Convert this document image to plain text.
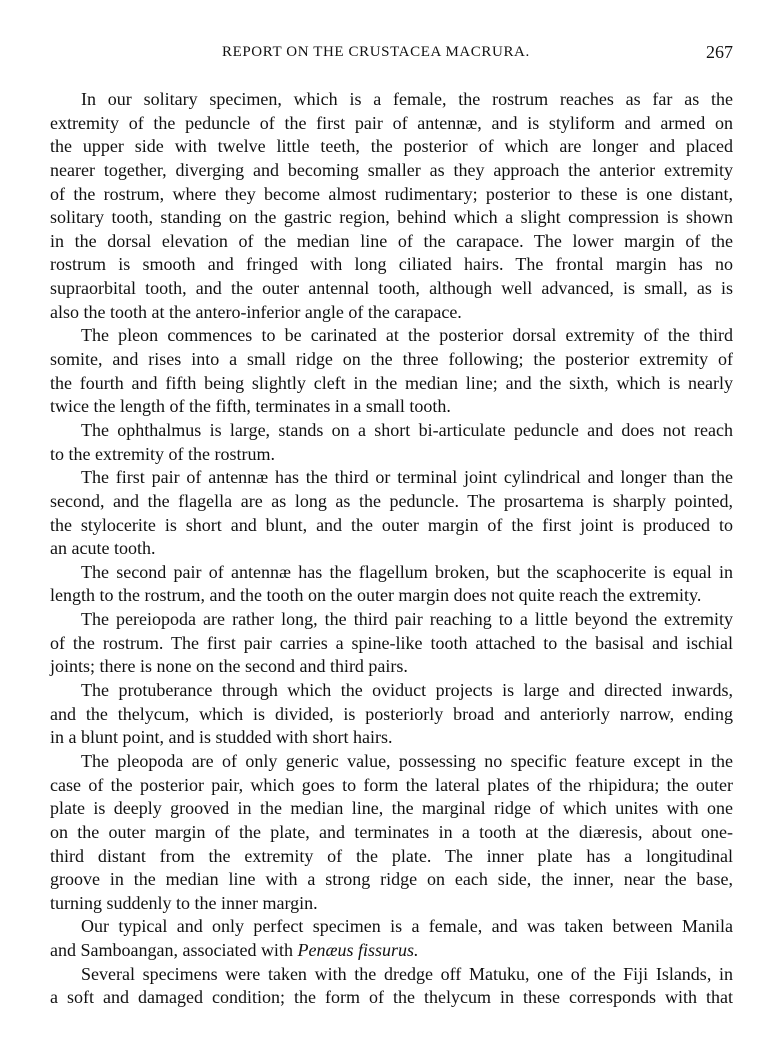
REPORT ON THE CRUSTACEA MACRURA.	267
In our solitary specimen, which is a female, the rostrum reaches as far as the
extremity of the peduncle of the first pair of antennæ, and is styliform and armed on
the upper side with twelve little teeth, the posterior of which are longer and placed
nearer together, diverging and becoming smaller as they approach the anterior extremity
of the rostrum, where they become almost rudimentary; posterior to these is one distant,
solitary tooth, standing on the gastric region, behind which a slight compression is shown
in the dorsal elevation of the median line of the carapace. The lower margin of the
rostrum is smooth and fringed with long ciliated hairs. The frontal margin has no
supraorbital tooth, and the outer antennal tooth, although well advanced, is small, as is
also the tooth at the antero-inferior angle of the carapace.
The pleon commences to be carinated at the posterior dorsal extremity of the third
somite, and rises into a small ridge on the three following; the posterior extremity of
the fourth and fifth being slightly cleft in the median line; and the sixth, which is nearly
twice the length of the fifth, terminates in a small tooth.
The ophthalmus is large, stands on a short bi-articulate peduncle and does not reach
to the extremity of the rostrum.
The first pair of antennæ has the third or terminal joint cylindrical and longer than the
second, and the flagella are as long as the peduncle. The prosartema is sharply pointed,
the stylocerite is short and blunt, and the outer margin of the first joint is produced to
an acute tooth.
The second pair of antennæ has the flagellum broken, but the scaphocerite is equal in
length to the rostrum, and the tooth on the outer margin does not quite reach the extremity.
The pereiopoda are rather long, the third pair reaching to a little beyond the extremity
of the rostrum. The first pair carries a spine-like tooth attached to the basisal and ischial
joints; there is none on the second and third pairs.
The protuberance through which the oviduct projects is large and directed inwards,
and the thelycum, which is divided, is posteriorly broad and anteriorly narrow, ending
in a blunt point, and is studded with short hairs.
The pleopoda are of only generic value, possessing no specific feature except in the
case of the posterior pair, which goes to form the lateral plates of the rhipidura; the outer
plate is deeply grooved in the median line, the marginal ridge of which unites with one
on the outer margin of the plate, and terminates in a tooth at the diæresis, about one-
third distant from the extremity of the plate. The inner plate has a longitudinal
groove in the median line with a strong ridge on each side, the inner, near the base,
turning suddenly to the inner margin.
Our typical and only perfect specimen is a female, and was taken between Manila
and Samboangan, associated with Penæus fissurus.
Several specimens were taken with the dredge off Matuku, one of the Fiji Islands, in
a soft and damaged condition; the form of the thelycum in these corresponds with that
